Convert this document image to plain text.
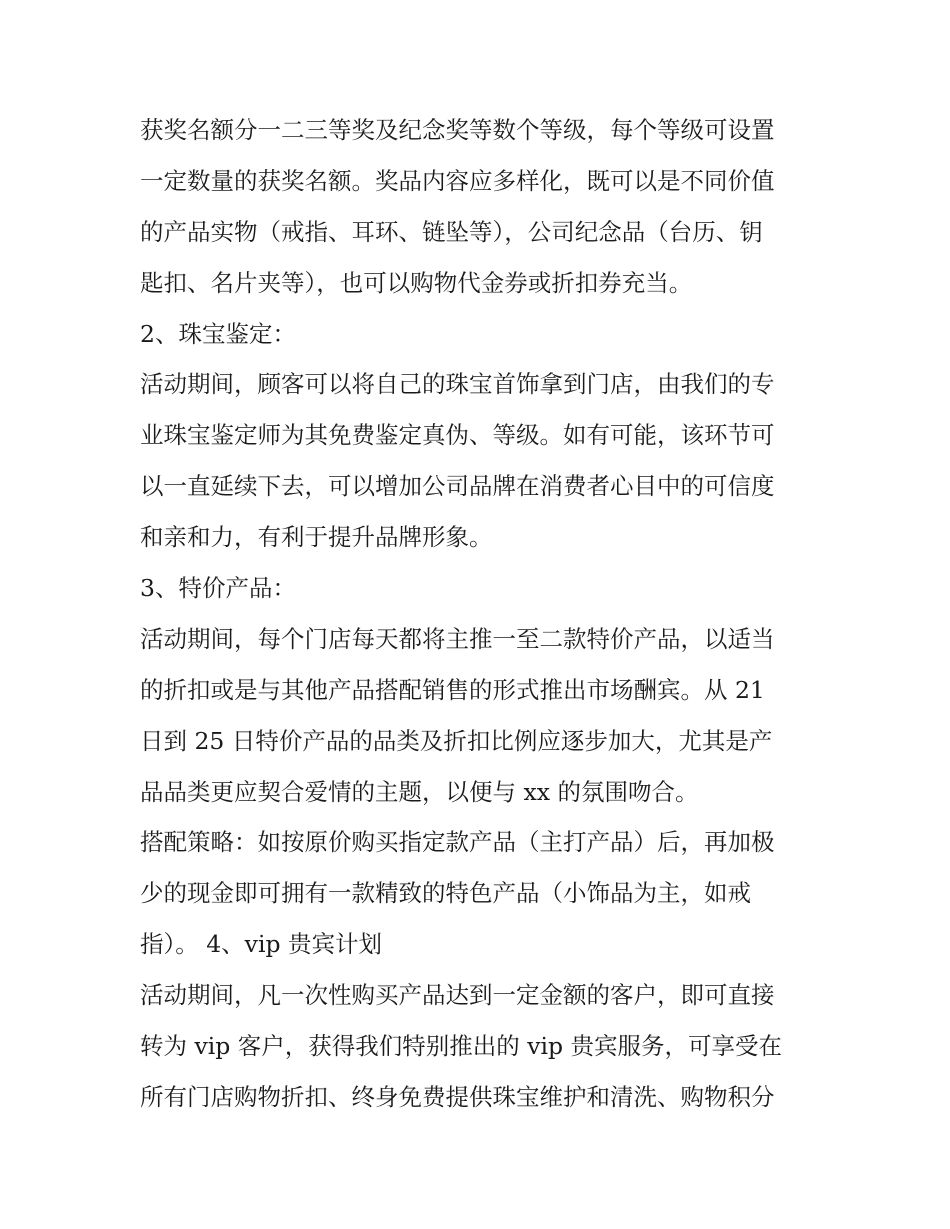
获奖名额分一二三等奖及纪念奖等数个等级，每个等级可设置
一定数量的获奖名额。奖品内容应多样化，既可以是不同价值
的产品实物（戒指、耳环、链坠等），公司纪念品（台历、钥
匙扣、名片夹等），也可以购物代金券或折扣券充当。
2、珠宝鉴定：
活动期间，顾客可以将自己的珠宝首饰拿到门店，由我们的专
业珠宝鉴定师为其免费鉴定真伪、等级。如有可能，该环节可
以一直延续下去，可以增加公司品牌在消费者心目中的可信度
和亲和力，有利于提升品牌形象。
3、特价产品：
活动期间，每个门店每天都将主推一至二款特价产品，以适当
的折扣或是与其他产品搭配销售的形式推出市场酬宾。从 21
日到 25 日特价产品的品类及折扣比例应逐步加大，尤其是产
品品类更应契合爱情的主题，以便与 xx 的氛围吻合。
搭配策略：如按原价购买指定款产品（主打产品）后，再加极
少的现金即可拥有一款精致的特色产品（小饰品为主，如戒
指）。 4、vip 贵宾计划
活动期间，凡一次性购买产品达到一定金额的客户，即可直接
转为 vip 客户，获得我们特别推出的 vip 贵宾服务，可享受在
所有门店购物折扣、终身免费提供珠宝维护和清洗、购物积分
